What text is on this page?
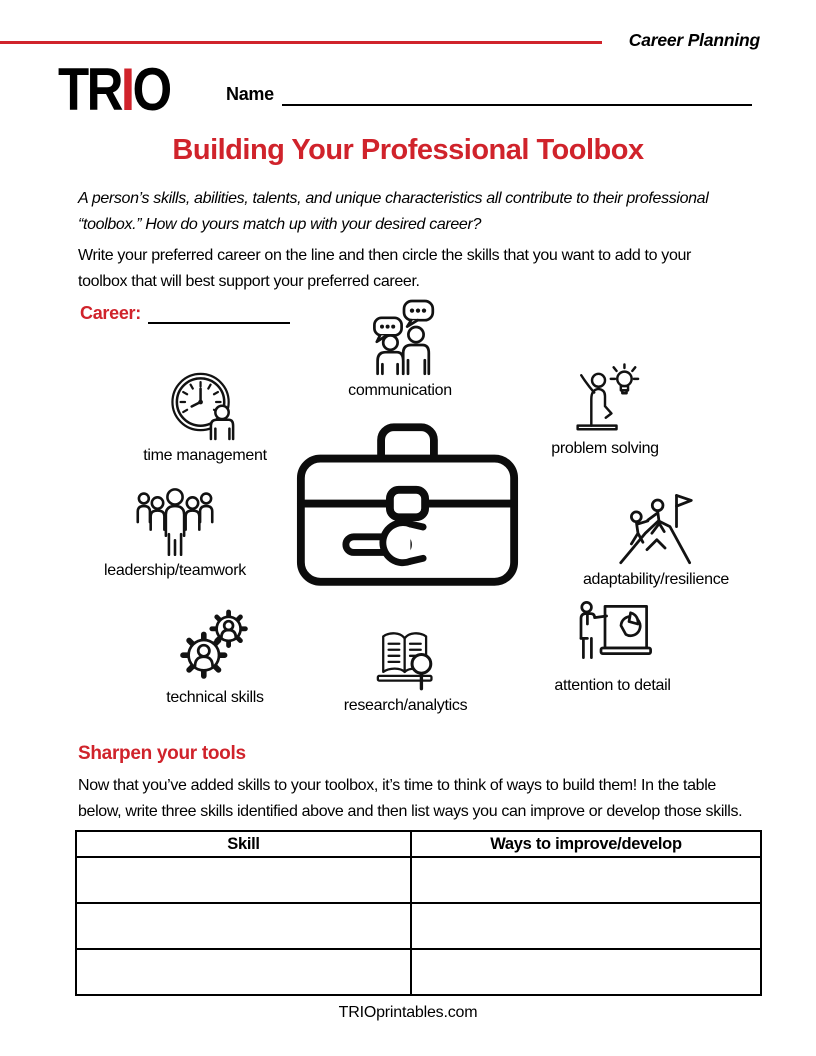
Career Planning
TRIO	Name
Building Your Professional Toolbox
A person’s skills, abilities, talents, and unique characteristics all contribute to their professional
“toolbox.” How do yours match up with your desired career?
Write your preferred career on the line and then circle the skills that you want to add to your
toolbox that will best support your preferred career.
Career:
communication
time management	problem solving
leadership/teamwork
adaptability/resilience
technical skills	research/analytics
attention to detail
Sharpen your tools
Now that you’ve added skills to your toolbox, it’s time to think of ways to build them! In the table
below, write three skills identified above and then list ways you can improve or develop those skills.
Skill	Ways to improve/develop

TRIOprintables.com
